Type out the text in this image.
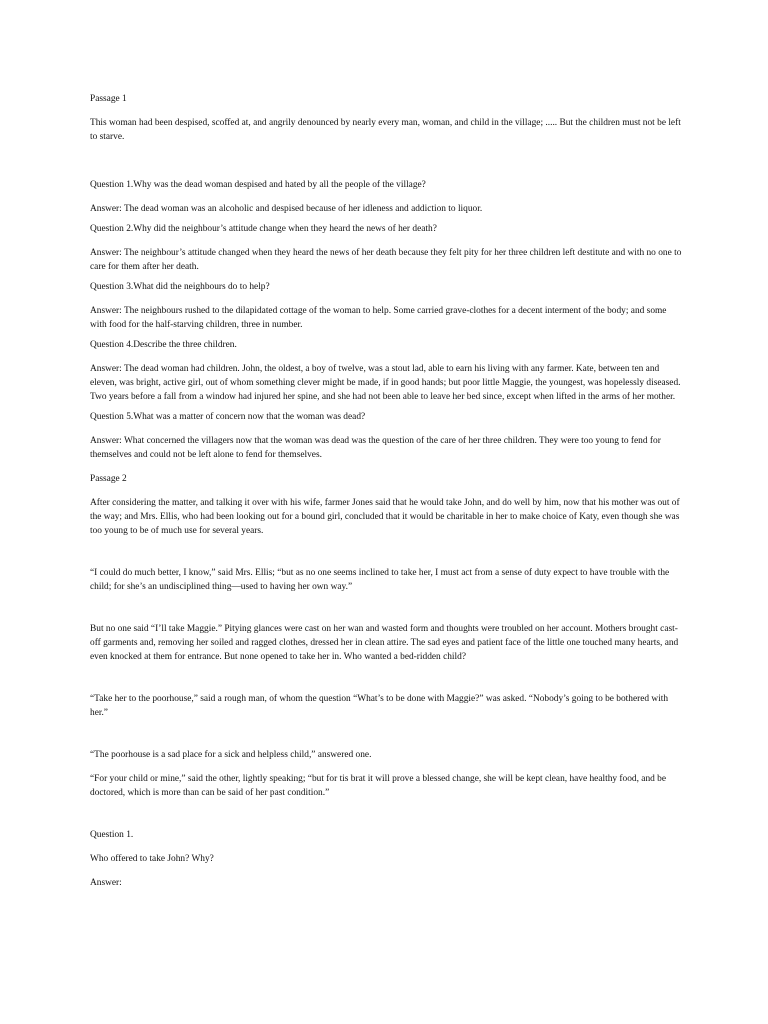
Passage 1

This woman had been despised, scoffed at, and angrily denounced by nearly every man, woman, and child in the village; ..... But the children must not be left to starve.

Question 1.Why was the dead woman despised and hated by all the people of the village?

Answer: The dead woman was an alcoholic and despised because of her idleness and addiction to liquor.

Question 2.Why did the neighbour’s attitude change when they heard the news of her death?

Answer: The neighbour’s attitude changed when they heard the news of her death because they felt pity for her three children left destitute and with no one to care for them after her death.

Question 3.What did the neighbours do to help?

Answer: The neighbours rushed to the dilapidated cottage of the woman to help. Some carried grave-clothes for a decent interment of the body; and some with food for the half-starving children, three in number.

Question 4.Describe the three children.

Answer: The dead woman had children. John, the oldest, a boy of twelve, was a stout lad, able to earn his living with any farmer. Kate, between ten and eleven, was bright, active girl, out of whom something clever might be made, if in good hands; but poor little Maggie, the youngest, was hopelessly diseased. Two years before a fall from a window had injured her spine, and she had not been able to leave her bed since, except when lifted in the arms of her mother.

Question 5.What was a matter of concern now that the woman was dead?

Answer: What concerned the villagers now that the woman was dead was the question of the care of her three children. They were too young to fend for themselves and could not be left alone to fend for themselves.

Passage 2

After considering the matter, and talking it over with his wife, farmer Jones said that he would take John, and do well by him, now that his mother was out of the way; and Mrs. Ellis, who had been looking out for a bound girl, concluded that it would be charitable in her to make choice of Katy, even though she was too young to be of much use for several years.

“I could do much better, I know,” said Mrs. Ellis; “but as no one seems inclined to take her, I must act from a sense of duty expect to have trouble with the child; for she’s an undisciplined thing—used to having her own way.”

But no one said “I’ll take Maggie.” Pitying glances were cast on her wan and wasted form and thoughts were troubled on her account. Mothers brought cast-off garments and, removing her soiled and ragged clothes, dressed her in clean attire. The sad eyes and patient face of the little one touched many hearts, and even knocked at them for entrance. But none opened to take her in. Who wanted a bed-ridden child?

“Take her to the poorhouse,” said a rough man, of whom the question “What’s to be done with Maggie?” was asked. “Nobody’s going to be bothered with her.”

“The poorhouse is a sad place for a sick and helpless child,” answered one.

“For your child or mine,” said the other, lightly speaking; “but for tis brat it will prove a blessed change, she will be kept clean, have healthy food, and be doctored, which is more than can be said of her past condition.”

Question 1.

Who offered to take John? Why?

Answer:
